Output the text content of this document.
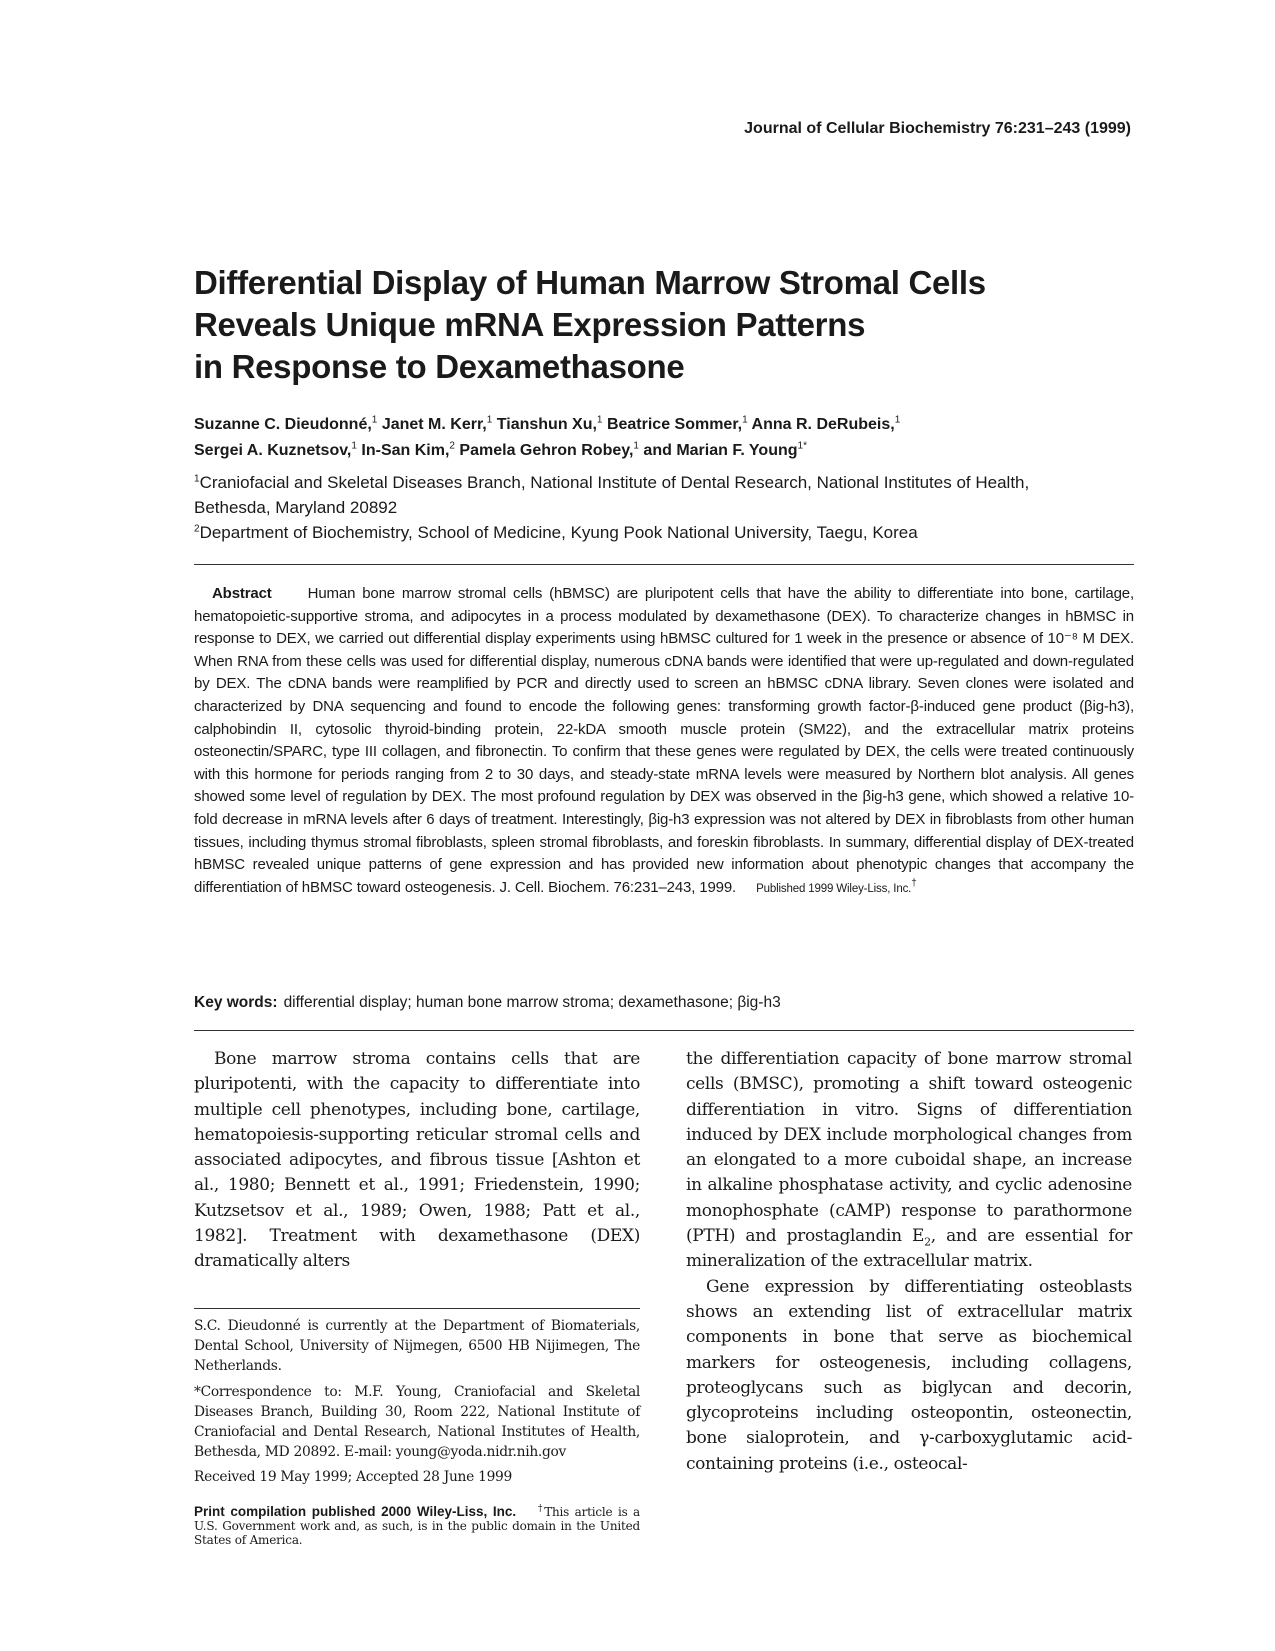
Journal of Cellular Biochemistry 76:231–243 (1999)
Differential Display of Human Marrow Stromal Cells
Reveals Unique mRNA Expression Patterns
in Response to Dexamethasone
Suzanne C. Dieudonné,$^1$ Janet M. Kerr,$^1$ Tianshun Xu,$^1$ Beatrice Sommer,$^1$ Anna R. DeRubeis,$^1$
Sergei A. Kuznetsov,$^1$ In-San Kim,$^2$ Pamela Gehron Robey,$^1$ and Marian F. Young$^{1*}$

$^1$Craniofacial and Skeletal Diseases Branch, National Institute of Dental Research, National Institutes of Health, Bethesda, Maryland 20892

$^2$Department of Biochemistry, School of Medicine, Kyung Pook National University, Taegu, Korea

Abstract Human bone marrow stromal cells (hBMSC) are pluripotent cells that have the ability to differentiate into bone, cartilage, hematopoietic-supportive stroma, and adipocytes in a process modulated by dexamethasone (DEX). To characterize changes in hBMSC in response to DEX, we carried out differential display experiments using hBMSC cultured for 1 week in the presence or absence of 10⁻⁸ M DEX. When RNA from these cells was used for differential display, numerous cDNA bands were identified that were up-regulated and down-regulated by DEX. The cDNA bands were reamplified by PCR and directly used to screen an hBMSC cDNA library. Seven clones were isolated and characterized by DNA sequencing and found to encode the following genes: transforming growth factor-β-induced gene product (βig-h3), calphobindin II, cytosolic thyroid-binding protein, 22-kDA smooth muscle protein (SM22), and the extracellular matrix proteins osteonectin/SPARC, type III collagen, and fibronectin. To confirm that these genes were regulated by DEX, the cells were treated continuously with this hormone for periods ranging from 2 to 30 days, and steady-state mRNA levels were measured by Northern blot analysis. All genes showed some level of regulation by DEX. The most profound regulation by DEX was observed in the βig-h3 gene, which showed a relative 10-fold decrease in mRNA levels after 6 days of treatment. Interestingly, βig-h3 expression was not altered by DEX in fibroblasts from other human tissues, including thymus stromal fibroblasts, spleen stromal fibroblasts, and foreskin fibroblasts. In summary, differential display of DEX-treated hBMSC revealed unique patterns of gene expression and has provided new information about phenotypic changes that accompany the differentiation of hBMSC toward osteogenesis. J. Cell. Biochem. 76:231–243, 1999. Published 1999 Wiley-Liss, Inc.†
Key words: differential display; human bone marrow stroma; dexamethasone; βig-h3

Bone marrow stroma contains cells that are pluripotenti, with the capacity to differentiate into multiple cell phenotypes, including bone, cartilage, hematopoiesis-supporting reticular stromal cells and associated adipocytes, and fibrous tissue [Ashton et al., 1980; Bennett et al., 1991; Friedenstein, 1990; Kutzsetsov et al., 1989; Owen, 1988; Patt et al., 1982]. Treatment with dexamethasone (DEX) dramatically alters

the differentiation capacity of bone marrow stromal cells (BMSC), promoting a shift toward osteogenic differentiation in vitro. Signs of differentiation induced by DEX include morphological changes from an elongated to a more cuboidal shape, an increase in alkaline phosphatase activity, and cyclic adenosine monophosphate (cAMP) response to parathormone (PTH) and prostaglandin $E_2$, and are essential for mineralization of the extracellular matrix.

Gene expression by differentiating osteoblasts shows an extending list of extracellular matrix components in bone that serve as biochemical markers for osteogenesis, including collagens, proteoglycans such as biglycan and decorin, glycoproteins including osteopontin, osteonectin, bone sialoprotein, and γ-carboxyglutamic acid-containing proteins (i.e., osteocal-

S.C. Dieudonné is currently at the Department of Biomaterials, Dental School, University of Nijmegen, 6500 HB Nijimegen, The Netherlands.

*Correspondence to: M.F. Young, Craniofacial and Skeletal Diseases Branch, Building 30, Room 222, National Institute of Craniofacial and Dental Research, National Institutes of Health, Bethesda, MD 20892. E-mail: young@yoda.nidr.nih.gov

Received 19 May 1999; Accepted 28 June 1999

Print compilation published 2000 Wiley-Liss, Inc. †This article is a U.S. Government work and, as such, is in the public domain in the United States of America.
